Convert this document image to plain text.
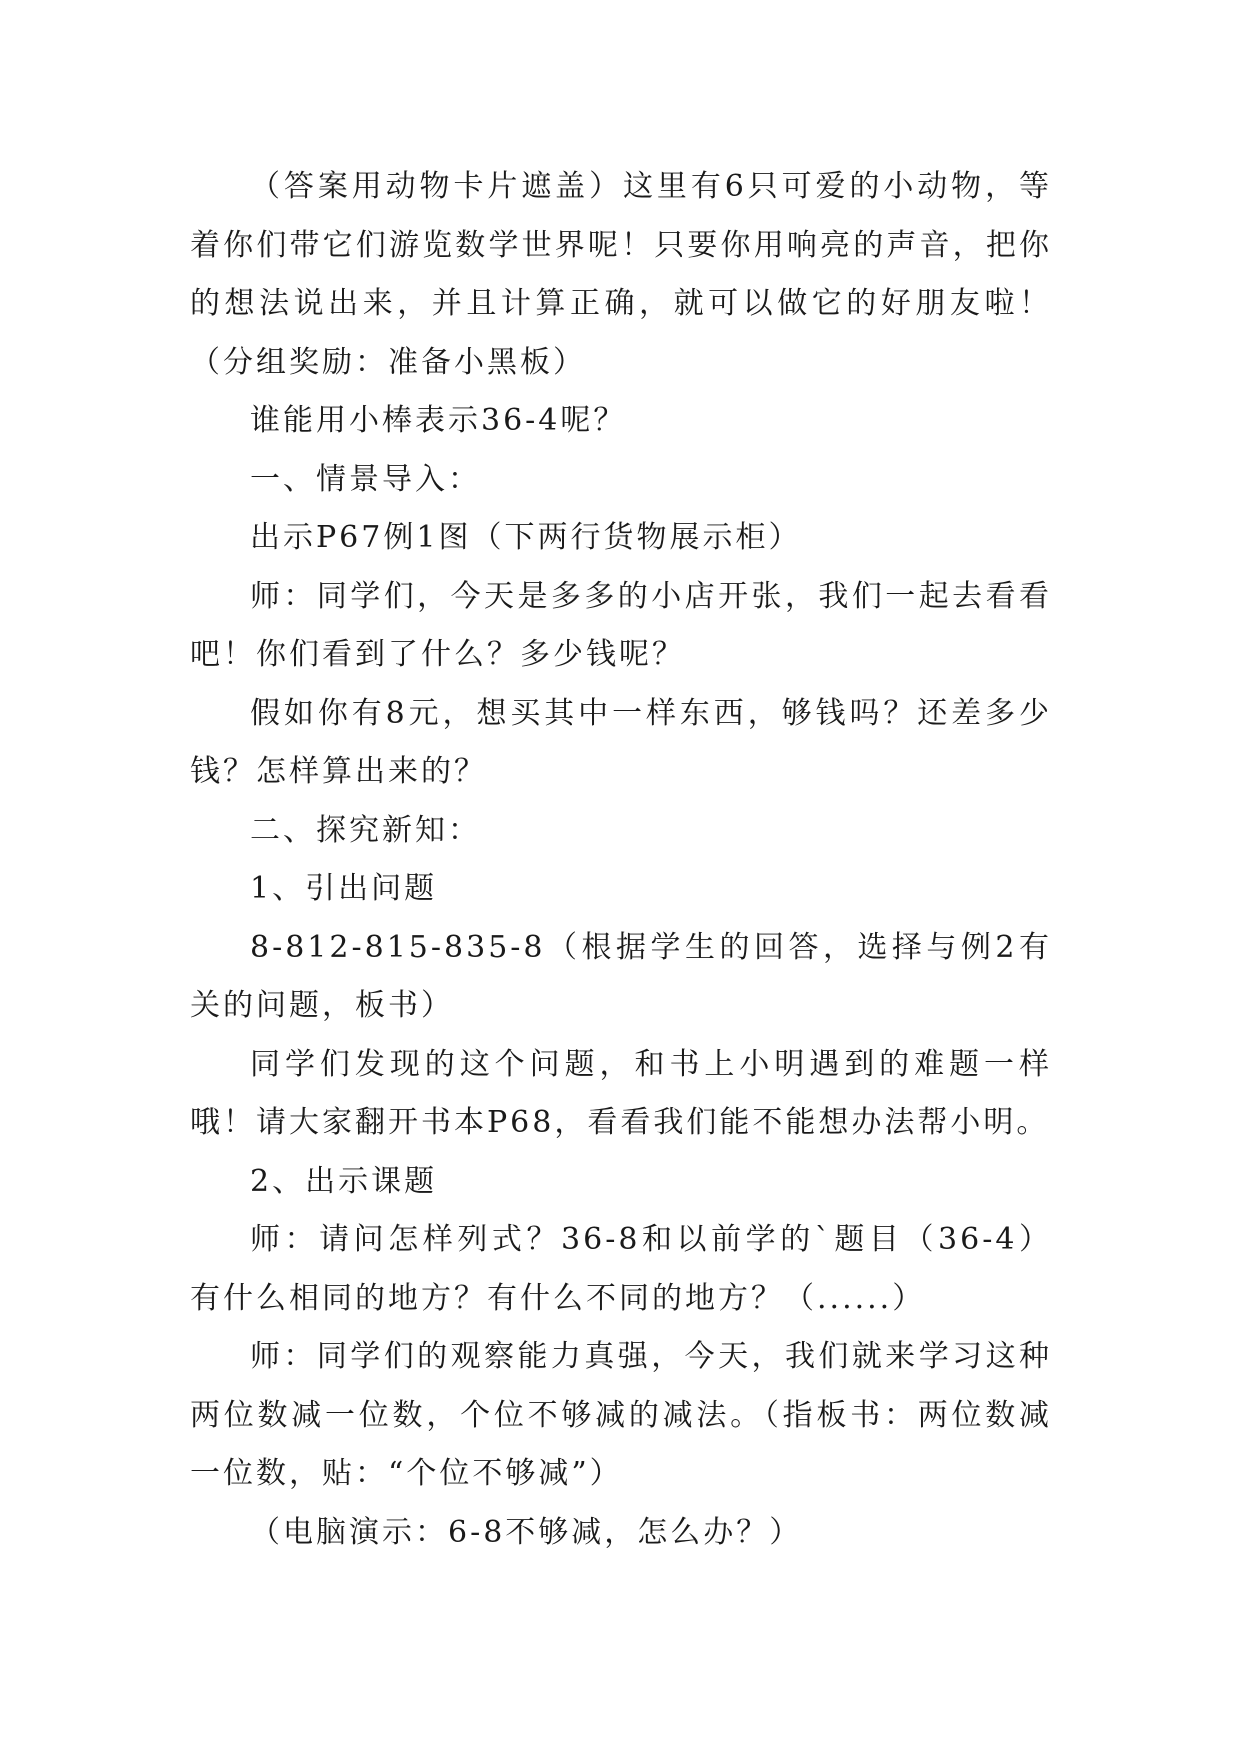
（答案用动物卡片遮盖）这里有6只可爱的小动物，等着你们带它们游览数学世界呢！只要你用响亮的声音，把你的想法说出来，并且计算正确，就可以做它的好朋友啦！（分组奖励：准备小黑板）

谁能用小棒表示36-4呢？

一、情景导入：

出示P67例1图（下两行货物展示柜）

师：同学们，今天是多多的小店开张，我们一起去看看吧！你们看到了什么？多少钱呢？

假如你有8元，想买其中一样东西，够钱吗？还差多少钱？怎样算出来的？

二、探究新知：

1、引出问题

8-812-815-835-8（根据学生的回答，选择与例2有关的问题，板书）

同学们发现的这个问题，和书上小明遇到的难题一样哦！请大家翻开书本P68，看看我们能不能想办法帮小明。

2、出示课题

师：请问怎样列式？36-8和以前学的`题目（36-4）有什么相同的地方？有什么不同的地方？（......）

师：同学们的观察能力真强，今天，我们就来学习这种两位数减一位数，个位不够减的减法。（指板书：两位数减一位数，贴：“个位不够减”）

（电脑演示：6-8不够减，怎么办？）
